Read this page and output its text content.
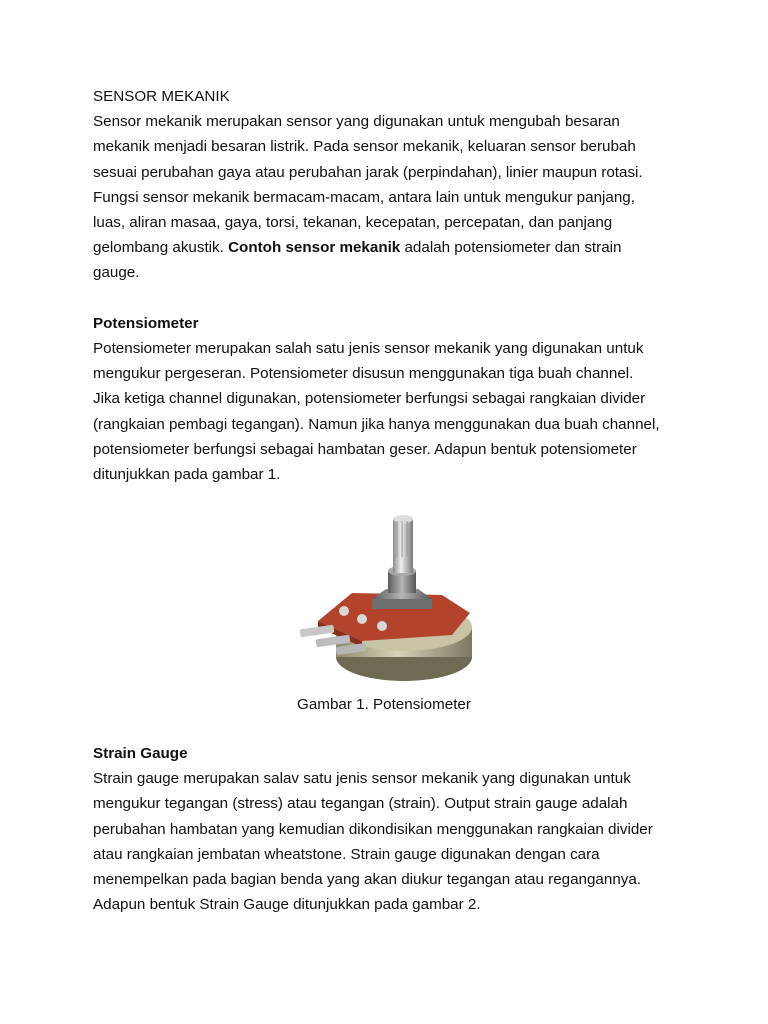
SENSOR MEKANIK

Sensor mekanik merupakan sensor yang digunakan untuk mengubah besaran

mekanik menjadi besaran listrik. Pada sensor mekanik, keluaran sensor berubah

sesuai perubahan gaya atau perubahan jarak (perpindahan), linier maupun rotasi.

Fungsi sensor mekanik bermacam-macam, antara lain untuk mengukur panjang,

luas, aliran masaa, gaya, torsi, tekanan, kecepatan, percepatan, dan panjang

gelombang akustik. Contoh sensor mekanik adalah potensiometer dan strain

gauge.

Potensiometer

Potensiometer merupakan salah satu jenis sensor mekanik yang digunakan untuk

mengukur pergeseran. Potensiometer disusun menggunakan tiga buah channel.

Jika ketiga channel digunakan, potensiometer berfungsi sebagai rangkaian divider

(rangkaian pembagi tegangan). Namun jika hanya menggunakan dua buah channel,

potensiometer berfungsi sebagai hambatan geser. Adapun bentuk potensiometer

ditunjukkan pada gambar 1.

Gambar 1. Potensiometer

Strain Gauge

Strain gauge merupakan salav satu jenis sensor mekanik yang digunakan untuk

mengukur tegangan (stress) atau tegangan (strain). Output strain gauge adalah

perubahan hambatan yang kemudian dikondisikan menggunakan rangkaian divider

atau rangkaian jembatan wheatstone. Strain gauge digunakan dengan cara

menempelkan pada bagian benda yang akan diukur tegangan atau regangannya.

Adapun bentuk Strain Gauge ditunjukkan pada gambar 2.
